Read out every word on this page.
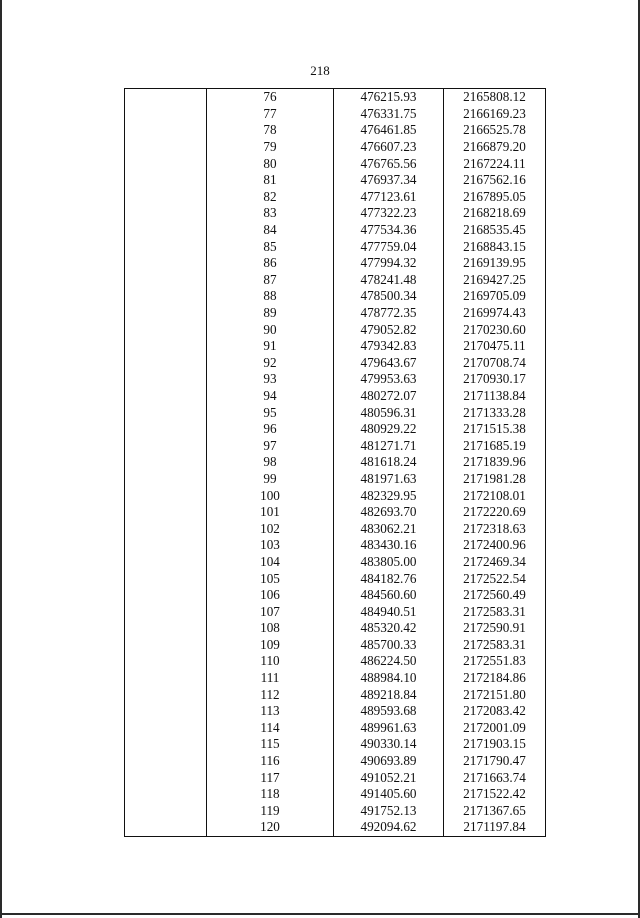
218
	76	476215.93	2165808.12
	77	476331.75	2166169.23
	78	476461.85	2166525.78
	79	476607.23	2166879.20
	80	476765.56	2167224.11
	81	476937.34	2167562.16
	82	477123.61	2167895.05
	83	477322.23	2168218.69
	84	477534.36	2168535.45
	85	477759.04	2168843.15
	86	477994.32	2169139.95
	87	478241.48	2169427.25
	88	478500.34	2169705.09
	89	478772.35	2169974.43
	90	479052.82	2170230.60
	91	479342.83	2170475.11
	92	479643.67	2170708.74
	93	479953.63	2170930.17
	94	480272.07	2171138.84
	95	480596.31	2171333.28
	96	480929.22	2171515.38
	97	481271.71	2171685.19
	98	481618.24	2171839.96
	99	481971.63	2171981.28
	100	482329.95	2172108.01
	101	482693.70	2172220.69
	102	483062.21	2172318.63
	103	483430.16	2172400.96
	104	483805.00	2172469.34
	105	484182.76	2172522.54
	106	484560.60	2172560.49
	107	484940.51	2172583.31
	108	485320.42	2172590.91
	109	485700.33	2172583.31
	110	486224.50	2172551.83
	111	488984.10	2172184.86
	112	489218.84	2172151.80
	113	489593.68	2172083.42
	114	489961.63	2172001.09
	115	490330.14	2171903.15
	116	490693.89	2171790.47
	117	491052.21	2171663.74
	118	491405.60	2171522.42
	119	491752.13	2171367.65
	120	492094.62	2171197.84
